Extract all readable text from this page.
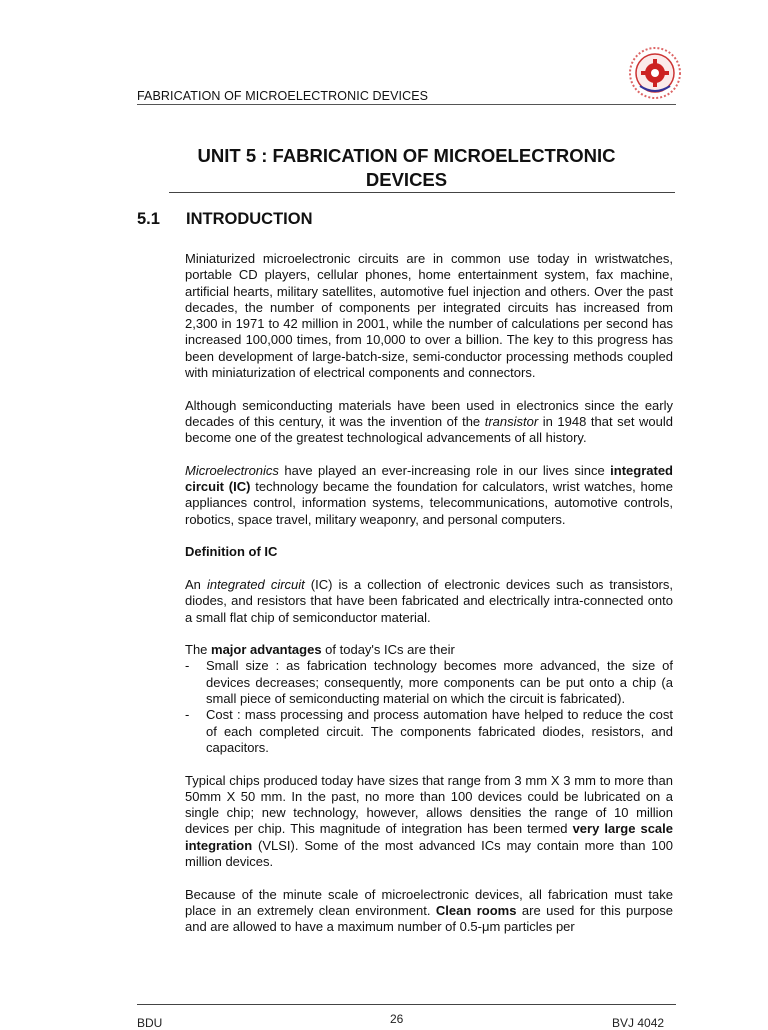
FABRICATION OF MICROELECTRONIC DEVICES
UNIT 5 : FABRICATION OF MICROELECTRONIC
DEVICES
5.1 INTRODUCTION

Miniaturized microelectronic circuits are in common use today in wristwatches, portable CD players, cellular phones, home entertainment system, fax machine, artificial hearts, military satellites, automotive fuel injection and others. Over the past decades, the number of components per integrated circuits has increased from 2,300 in 1971 to 42 million in 2001, while the number of calculations per second has increased 100,000 times, from 10,000 to over a billion. The key to this progress has been development of large-batch-size, semi-conductor processing methods coupled with miniaturization of electrical components and connectors.

Although semiconducting materials have been used in electronics since the early decades of this century, it was the invention of the transistor in 1948 that set would become one of the greatest technological advancements of all history.

Microelectronics have played an ever-increasing role in our lives since integrated circuit (IC) technology became the foundation for calculators, wrist watches, home appliances control, information systems, telecommunications, automotive controls, robotics, space travel, military weaponry, and personal computers.

Definition of IC

An integrated circuit (IC) is a collection of electronic devices such as transistors, diodes, and resistors that have been fabricated and electrically intra-connected onto a small flat chip of semiconductor material.

The major advantages of today's ICs are their

- Small size : as fabrication technology becomes more advanced, the size of devices decreases; consequently, more components can be put onto a chip (a small piece of semiconducting material on which the circuit is fabricated).
- Cost : mass processing and process automation have helped to reduce the cost of each completed circuit. The components fabricated diodes, resistors, and capacitors.

Typical chips produced today have sizes that range from 3 mm X 3 mm to more than 50mm X 50 mm. In the past, no more than 100 devices could be lubricated on a single chip; new technology, however, allows densities the range of 10 million devices per chip. This magnitude of integration has been termed very large scale integration (VLSI). Some of the most advanced ICs may contain more than 100 million devices.

Because of the minute scale of microelectronic devices, all fabrication must take place in an extremely clean environment. Clean rooms are used for this purpose and are allowed to have a maximum number of 0.5-μm particles per

BDU	26	BVJ 4042
